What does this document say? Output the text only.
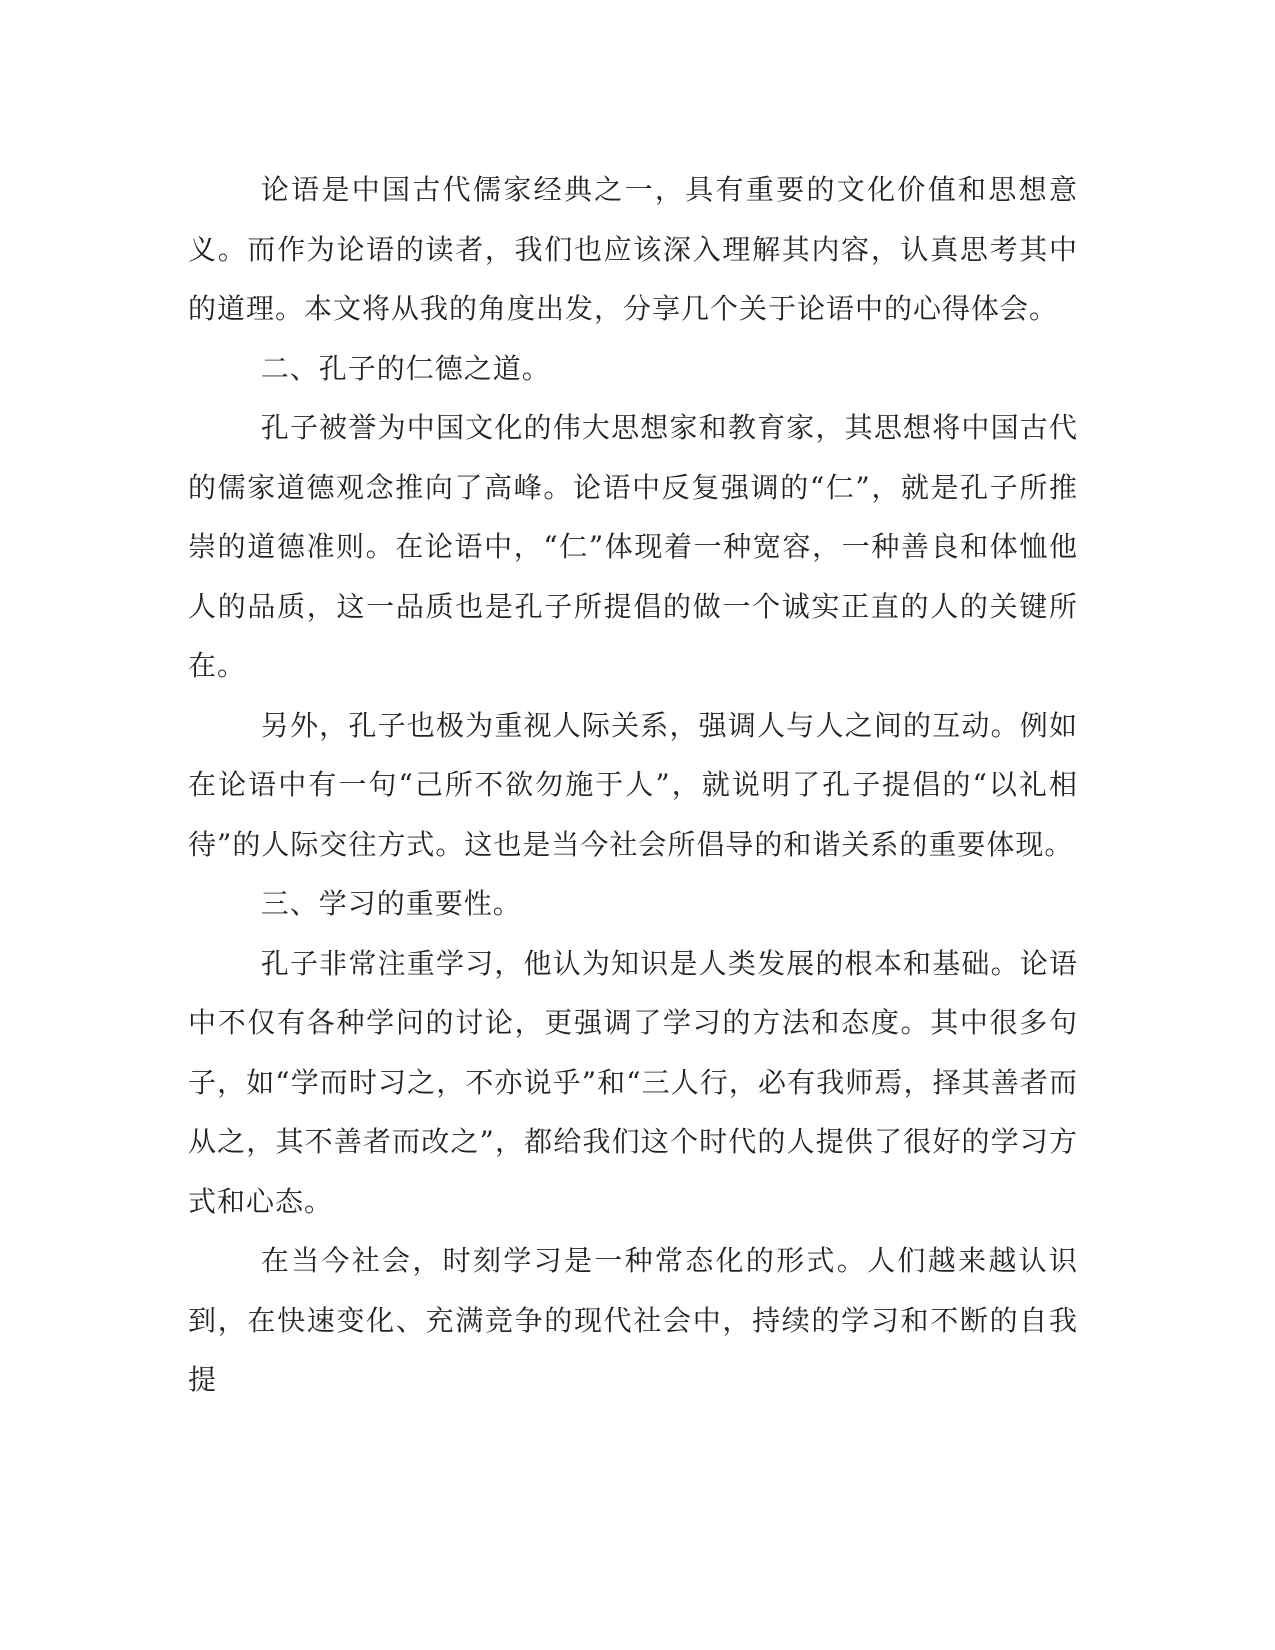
论语是中国古代儒家经典之一，具有重要的文化价值和思想意义。而作为论语的读者，我们也应该深入理解其内容，认真思考其中的道理。本文将从我的角度出发，分享几个关于论语中的心得体会。

二、孔子的仁德之道。

孔子被誉为中国文化的伟大思想家和教育家，其思想将中国古代的儒家道德观念推向了高峰。论语中反复强调的“仁”，就是孔子所推崇的道德准则。在论语中，“仁”体现着一种宽容，一种善良和体恤他人的品质，这一品质也是孔子所提倡的做一个诚实正直的人的关键所在。

另外，孔子也极为重视人际关系，强调人与人之间的互动。例如在论语中有一句“己所不欲勿施于人”，就说明了孔子提倡的“以礼相待”的人际交往方式。这也是当今社会所倡导的和谐关系的重要体现。

三、学习的重要性。

孔子非常注重学习，他认为知识是人类发展的根本和基础。论语中不仅有各种学问的讨论，更强调了学习的方法和态度。其中很多句子，如“学而时习之，不亦说乎”和“三人行，必有我师焉，择其善者而从之，其不善者而改之”，都给我们这个时代的人提供了很好的学习方式和心态。

在当今社会，时刻学习是一种常态化的形式。人们越来越认识到，在快速变化、充满竞争的现代社会中，持续的学习和不断的自我提
